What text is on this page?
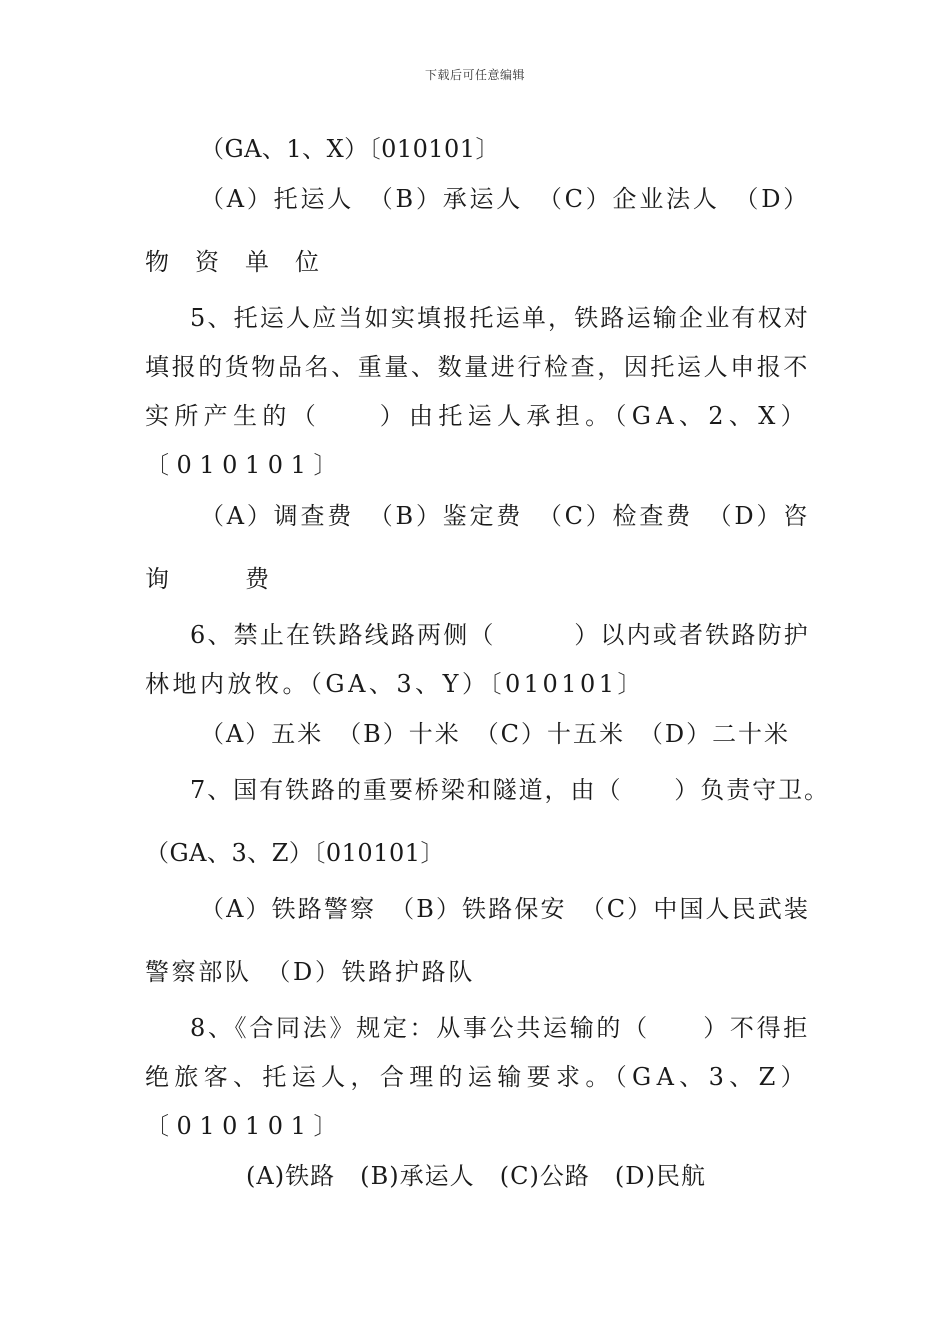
下载后可任意编辑
（GA、1、X）〔010101〕
（A）托运人　（B）承运人　（C）企业法人　（D）
物资单位
5、托运人应当如实填报托运单，铁路运输企业有权对
填报的货物品名、重量、数量进行检查，因托运人申报不
实所产生的（　　）由托运人承担。（GA、2、X）
〔010101〕
（A）调查费　（B）鉴定费　（C）检查费　（D）咨
询费
6、禁止在铁路线路两侧（　　　）以内或者铁路防护
林地内放牧。（GA、3、Y）〔010101〕
（A）五米　（B）十米　（C）十五米　（D）二十米
7、国有铁路的重要桥梁和隧道，由（　　）负责守卫。
（GA、3、Z）〔010101〕
（A）铁路警察　（B）铁路保安　（C）中国人民武装
警察部队　（D）铁路护路队
8、《合同法》规定：从事公共运输的（　　）不得拒
绝旅客、托运人，合理的运输要求。（GA、3、Z）
〔010101〕
(A)铁路　(B)承运人　(C)公路　(D)民航
